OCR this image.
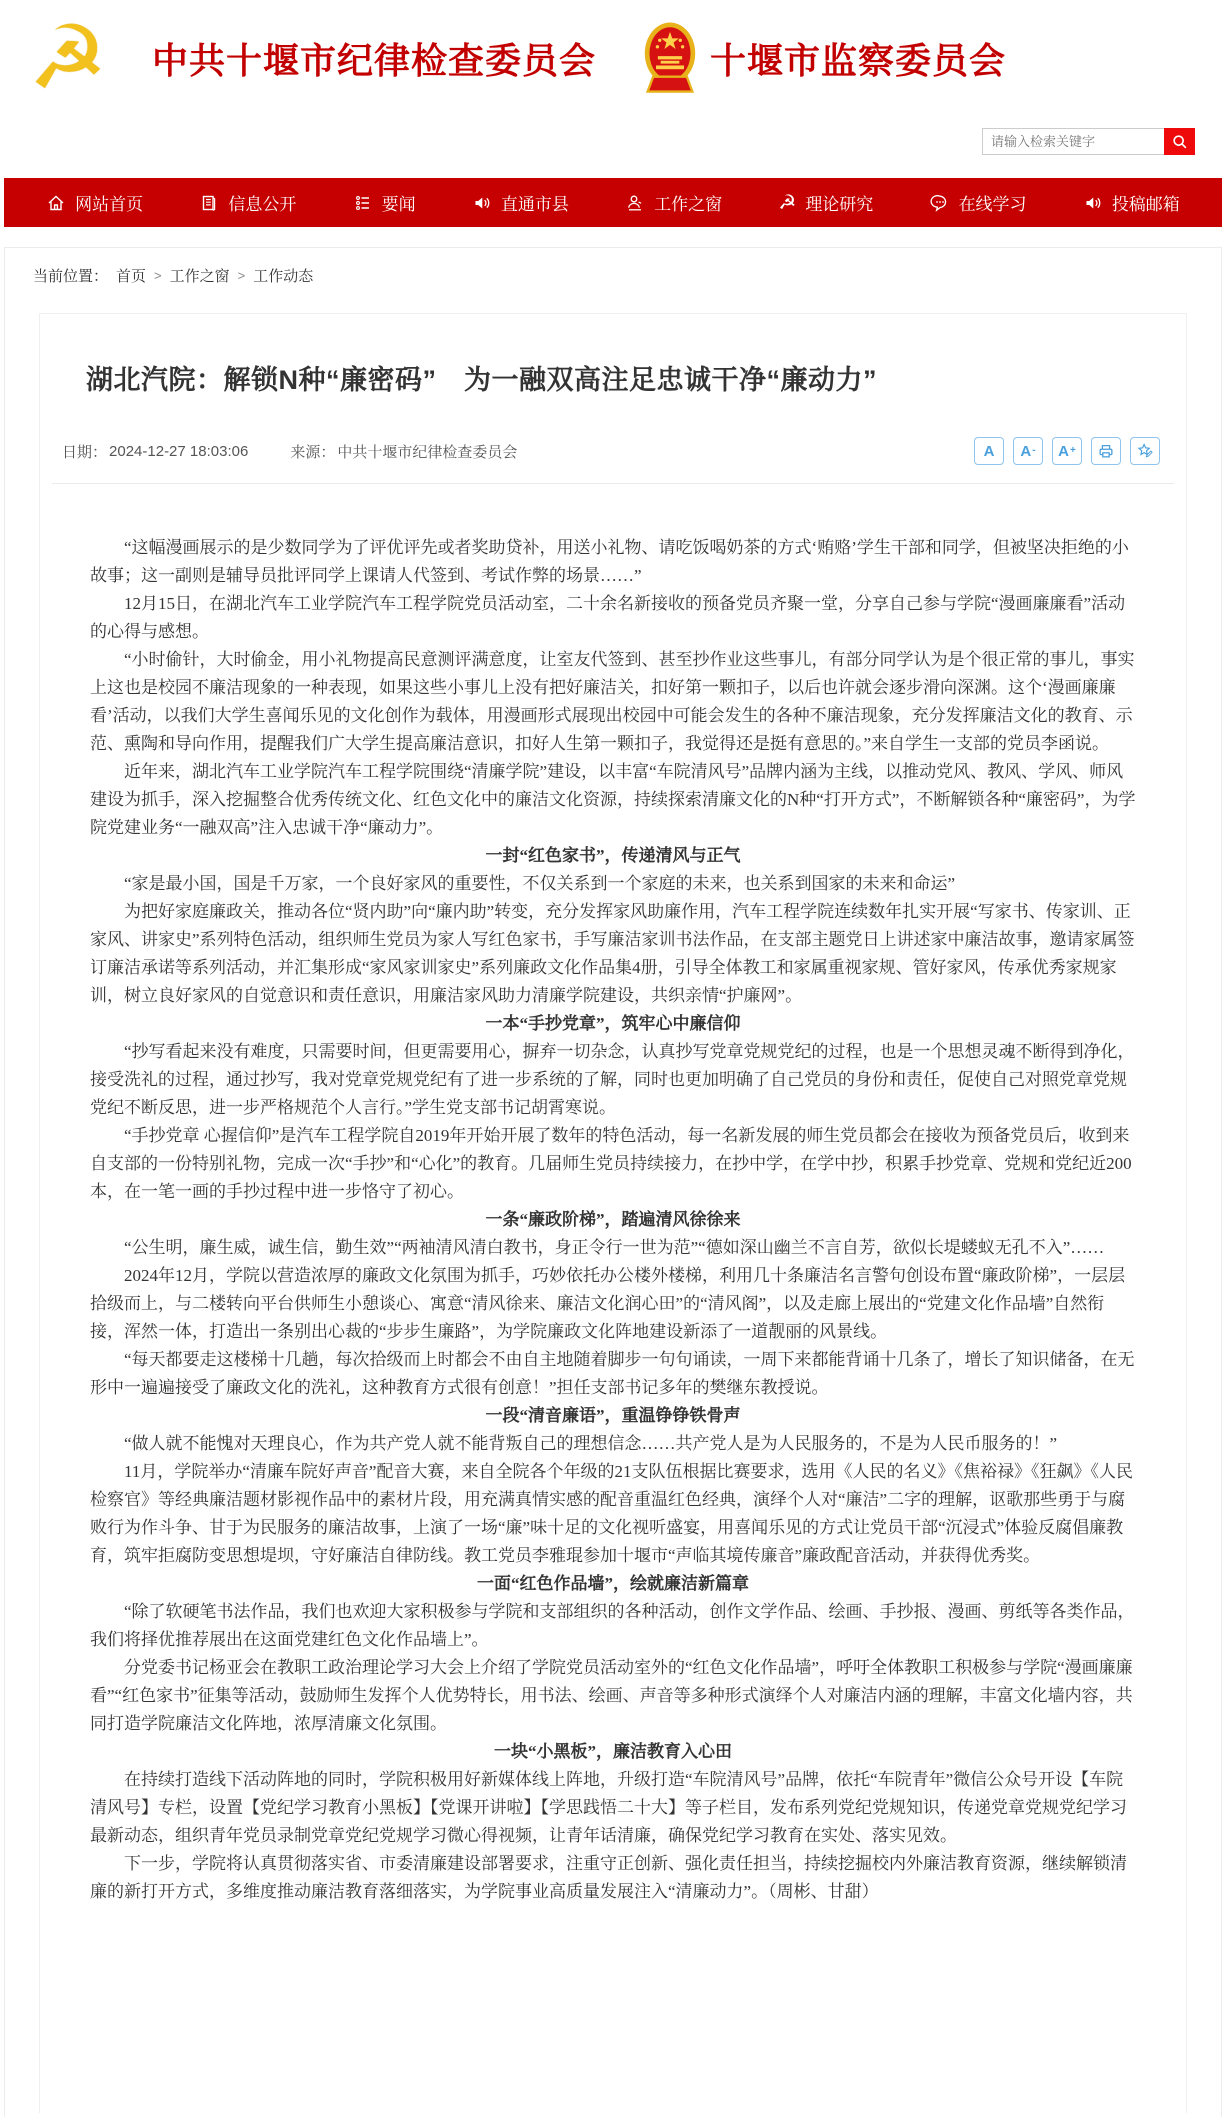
☭ 中共十堰市纪律检查委员会	十堰市监察委员会
请输入检索关键字
网站首页	信息公开	要闻	直通市县	工作之窗	☭ 理论研究	在线学习	投稿邮箱
当前位置： 首页 > 工作之窗 > 工作动态
湖北汽院：解锁N种“廉密码”　为一融双高注足忠诚干净“廉动力”
日期： 2024-12-27 18:03:06	来源： 中共十堰市纪律检查委员会	A A - A +

“这幅漫画展示的是少数同学为了评优评先或者奖助贷补，用送小礼物、请吃饭喝奶茶的方式‘贿赂’学生干部和同学，但被坚决拒绝的小故事；这一副则是辅导员批评同学上课请人代签到、考试作弊的场景……”

12月15日，在湖北汽车工业学院汽车工程学院党员活动室，二十余名新接收的预备党员齐聚一堂，分享自己参与学院“漫画廉廉看”活动的心得与感想。

“小时偷针，大时偷金，用小礼物提高民意测评满意度，让室友代签到、甚至抄作业这些事儿，有部分同学认为是个很正常的事儿，事实上这也是校园不廉洁现象的一种表现，如果这些小事儿上没有把好廉洁关，扣好第一颗扣子，以后也许就会逐步滑向深渊。这个‘漫画廉廉看’活动，以我们大学生喜闻乐见的文化创作为载体，用漫画形式展现出校园中可能会发生的各种不廉洁现象，充分发挥廉洁文化的教育、示范、熏陶和导向作用，提醒我们广大学生提高廉洁意识，扣好人生第一颗扣子，我觉得还是挺有意思的。”来自学生一支部的党员李函说。

近年来，湖北汽车工业学院汽车工程学院围绕“清廉学院”建设，以丰富“车院清风号”品牌内涵为主线，以推动党风、教风、学风、师风建设为抓手，深入挖掘整合优秀传统文化、红色文化中的廉洁文化资源，持续探索清廉文化的N种“打开方式”，不断解锁各种“廉密码”，为学院党建业务“一融双高”注入忠诚干净“廉动力”。

一封“红色家书”，传递清风与正气

“家是最小国，国是千万家，一个良好家风的重要性，不仅关系到一个家庭的未来，也关系到国家的未来和命运”

为把好家庭廉政关，推动各位“贤内助”向“廉内助”转变，充分发挥家风助廉作用，汽车工程学院连续数年扎实开展“写家书、传家训、正家风、讲家史”系列特色活动，组织师生党员为家人写红色家书，手写廉洁家训书法作品，在支部主题党日上讲述家中廉洁故事，邀请家属签订廉洁承诺等系列活动，并汇集形成“家风家训家史”系列廉政文化作品集4册，引导全体教工和家属重视家规、管好家风，传承优秀家规家训，树立良好家风的自觉意识和责任意识，用廉洁家风助力清廉学院建设，共织亲情“护廉网”。

一本“手抄党章”，筑牢心中廉信仰

“抄写看起来没有难度，只需要时间，但更需要用心，摒弃一切杂念，认真抄写党章党规党纪的过程，也是一个思想灵魂不断得到净化，接受洗礼的过程，通过抄写，我对党章党规党纪有了进一步系统的了解，同时也更加明确了自己党员的身份和责任，促使自己对照党章党规党纪不断反思，进一步严格规范个人言行。”学生党支部书记胡霄寒说。

“手抄党章 心握信仰”是汽车工程学院自2019年开始开展了数年的特色活动，每一名新发展的师生党员都会在接收为预备党员后，收到来自支部的一份特别礼物，完成一次“手抄”和“心化”的教育。几届师生党员持续接力，在抄中学，在学中抄，积累手抄党章、党规和党纪近200本，在一笔一画的手抄过程中进一步恪守了初心。

一条“廉政阶梯”，踏遍清风徐徐来

“公生明，廉生威，诚生信，勤生效”“两袖清风清白教书，身正令行一世为范”“德如深山幽兰不言自芳，欲似长堤蝼蚁无孔不入”……

2024年12月，学院以营造浓厚的廉政文化氛围为抓手，巧妙依托办公楼外楼梯，利用几十条廉洁名言警句创设布置“廉政阶梯”，一层层拾级而上，与二楼转向平台供师生小憩谈心、寓意“清风徐来、廉洁文化润心田”的“清风阁”，以及走廊上展出的“党建文化作品墙”自然衔接，浑然一体，打造出一条别出心裁的“步步生廉路”，为学院廉政文化阵地建设新添了一道靓丽的风景线。

“每天都要走这楼梯十几趟，每次拾级而上时都会不由自主地随着脚步一句句诵读，一周下来都能背诵十几条了，增长了知识储备，在无形中一遍遍接受了廉政文化的洗礼，这种教育方式很有创意！”担任支部书记多年的樊继东教授说。

一段“清音廉语”，重温铮铮铁骨声

“做人就不能愧对天理良心，作为共产党人就不能背叛自己的理想信念……共产党人是为人民服务的，不是为人民币服务的！”

11月，学院举办“清廉车院好声音”配音大赛，来自全院各个年级的21支队伍根据比赛要求，选用《人民的名义》《焦裕禄》《狂飙》《人民检察官》等经典廉洁题材影视作品中的素材片段，用充满真情实感的配音重温红色经典，演绎个人对“廉洁”二字的理解，讴歌那些勇于与腐败行为作斗争、甘于为民服务的廉洁故事，上演了一场“廉”味十足的文化视听盛宴，用喜闻乐见的方式让党员干部“沉浸式”体验反腐倡廉教育，筑牢拒腐防变思想堤坝，守好廉洁自律防线。教工党员李雅琨参加十堰市“声临其境传廉音”廉政配音活动，并获得优秀奖。

一面“红色作品墙”，绘就廉洁新篇章

“除了软硬笔书法作品，我们也欢迎大家积极参与学院和支部组织的各种活动，创作文学作品、绘画、手抄报、漫画、剪纸等各类作品，我们将择优推荐展出在这面党建红色文化作品墙上”。

分党委书记杨亚会在教职工政治理论学习大会上介绍了学院党员活动室外的“红色文化作品墙”，呼吁全体教职工积极参与学院“漫画廉廉看”“红色家书”征集等活动，鼓励师生发挥个人优势特长，用书法、绘画、声音等多种形式演绎个人对廉洁内涵的理解，丰富文化墙内容，共同打造学院廉洁文化阵地，浓厚清廉文化氛围。

一块“小黑板”，廉洁教育入心田

在持续打造线下活动阵地的同时，学院积极用好新媒体线上阵地，升级打造“车院清风号”品牌，依托“车院青年”微信公众号开设【车院清风号】专栏，设置【党纪学习教育小黑板】【党课开讲啦】【学思践悟二十大】等子栏目，发布系列党纪党规知识，传递党章党规党纪学习最新动态，组织青年党员录制党章党纪党规学习微心得视频，让青年话清廉，确保党纪学习教育在实处、落实见效。

下一步，学院将认真贯彻落实省、市委清廉建设部署要求，注重守正创新、强化责任担当，持续挖掘校内外廉洁教育资源，继续解锁清廉的新打开方式，多维度推动廉洁教育落细落实，为学院事业高质量发展注入“清廉动力”。（周彬、甘甜）
